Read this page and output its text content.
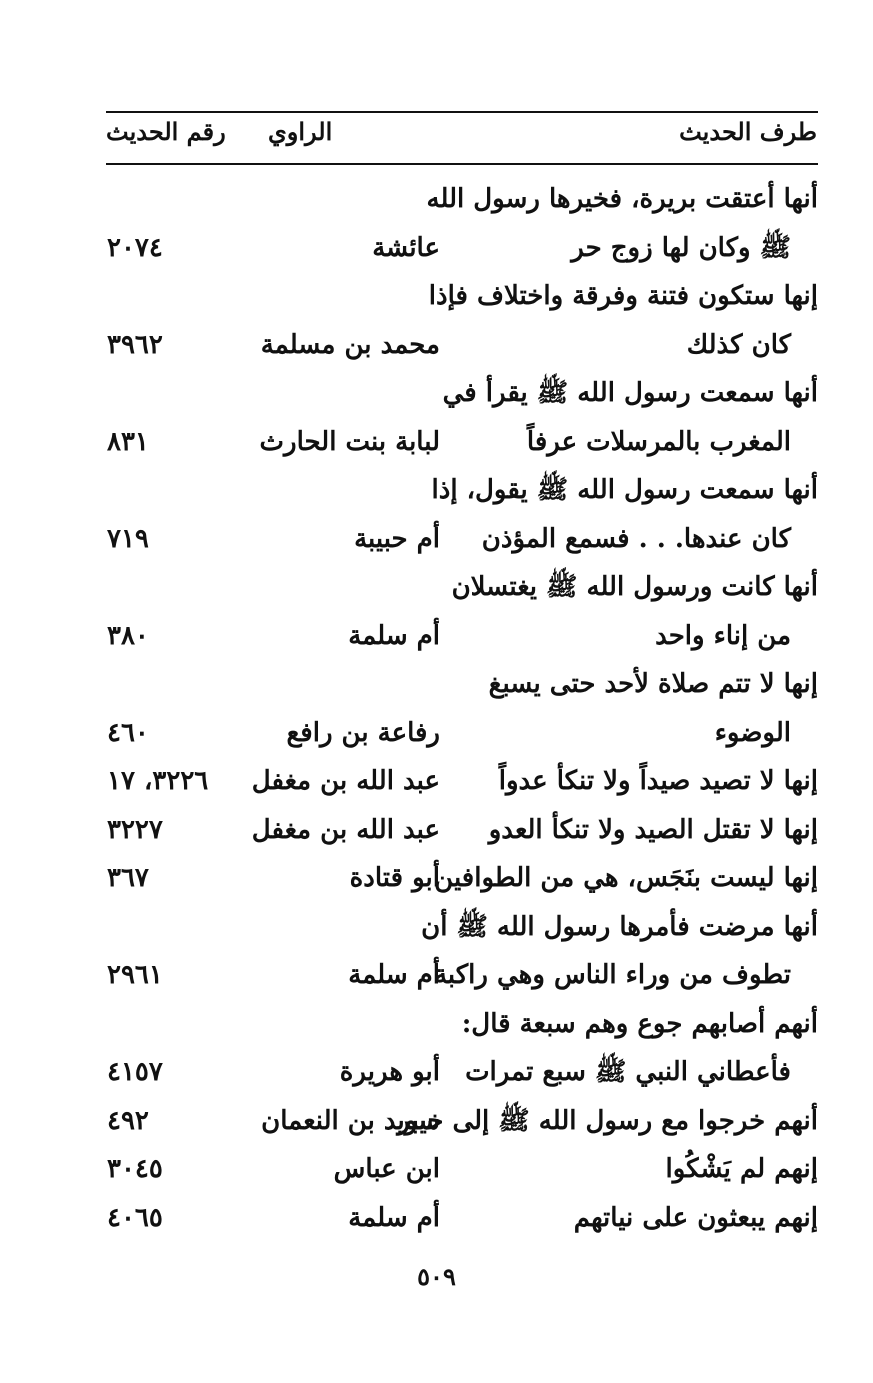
طرف الحديث
الراوي
رقم الحديث
أنها أعتقت بريرة، فخيرها رسول الله
ﷺ وكان لها زوج حر
عائشة
٢٠٧٤
إنها ستكون فتنة وفرقة واختلاف فإذا
كان كذلك
محمد بن مسلمة
٣٩٦٢
أنها سمعت رسول الله ﷺ يقرأ في
المغرب بالمرسلات عرفاً
لبابة بنت الحارث
٨٣١
أنها سمعت رسول الله ﷺ يقول، إذا
كان عندها. . . فسمع المؤذن
أم حبيبة
٧١٩
أنها كانت ورسول الله ﷺ يغتسلان
من إناء واحد
أم سلمة
٣٨٠
إنها لا تتم صلاة لأحد حتى يسبغ
الوضوء
رفاعة بن رافع
٤٦٠
إنها لا تصيد صيداً ولا تنكأ عدواً
عبد الله بن مغفل
٣٢٢٦، ١٧
إنها لا تقتل الصيد ولا تنكأ العدو
عبد الله بن مغفل
٣٢٢٧
إنها ليست بنَجَس، هي من الطوافين
أبو قتادة
٣٦٧
أنها مرضت فأمرها رسول الله ﷺ أن
تطوف من وراء الناس وهي راكبة
أم سلمة
٢٩٦١
أنهم أصابهم جوع وهم سبعة قال:
فأعطاني النبي ﷺ سبع تمرات
أبو هريرة
٤١٥٧
أنهم خرجوا مع رسول الله ﷺ إلى خيبر
سويد بن النعمان
٤٩٢
إنهم لم يَشْكُوا
ابن عباس
٣٠٤٥
إنهم يبعثون على نياتهم
أم سلمة
٤٠٦٥
٥٠٩
